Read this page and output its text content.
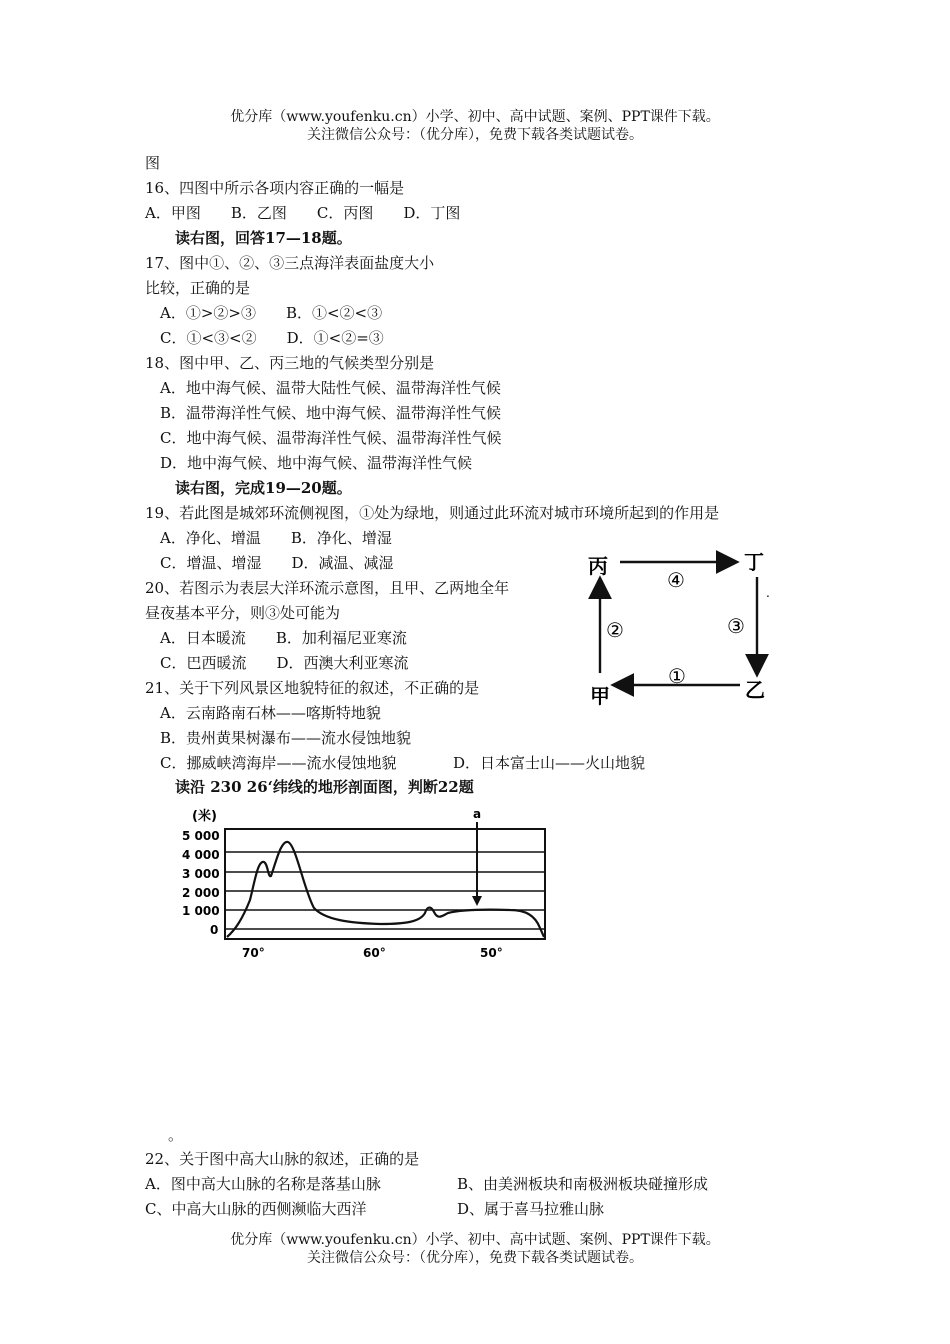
优分库（www.youfenku.cn）小学、初中、高中试题、案例、PPT课件下载。
关注微信公众号：（优分库），免费下载各类试题试卷。
图
16、四图中所示各项内容正确的一幅是
A．甲图　　B．乙图　　C．丙图　　D．丁图
读右图，回答17—18题。
17、图中①、②、③三点海洋表面盐度大小
比较，正确的是
A．①>②>③　　B．①<②<③
C．①<③<②　　D．①<②=③
18、图中甲、乙、丙三地的气候类型分别是
A．地中海气候、温带大陆性气候、温带海洋性气候
B．温带海洋性气候、地中海气候、温带海洋性气候
C．地中海气候、温带海洋性气候、温带海洋性气候
D．地中海气候、地中海气候、温带海洋性气候
读右图，完成19—20题。
19、若此图是城郊环流侧视图，①处为绿地，则通过此环流对城市环境所起到的作用是
A．净化、增温　　B．净化、增湿
C．增温、增湿　　D．减温、减湿
20、若图示为表层大洋环流示意图，且甲、乙两地全年
昼夜基本平分，则③处可能为
A．日本暖流　　B．加利福尼亚寒流
C．巴西暖流　　D．西澳大利亚寒流
21、关于下列风景区地貌特征的叙述，不正确的是
A．云南路南石林——喀斯特地貌
B．贵州黄果树瀑布——流水侵蚀地貌
C．挪威峡湾海岸——流水侵蚀地貌	D．日本富士山——火山地貌
读沿 230 26‘纬线的地形剖面图，判断22题
丙	丁
甲	乙
④
②	③
①
.
(米)
5 000
4 000
3 000
2 000
1 000
0
a
70°	60°	50°
。
22、关于图中高大山脉的叙述，正确的是
A．图中高大山脉的名称是落基山脉	B、由美洲板块和南极洲板块碰撞形成
C、中高大山脉的西侧濒临大西洋	D、属于喜马拉雅山脉
优分库（www.youfenku.cn）小学、初中、高中试题、案例、PPT课件下载。
关注微信公众号：（优分库），免费下载各类试题试卷。
